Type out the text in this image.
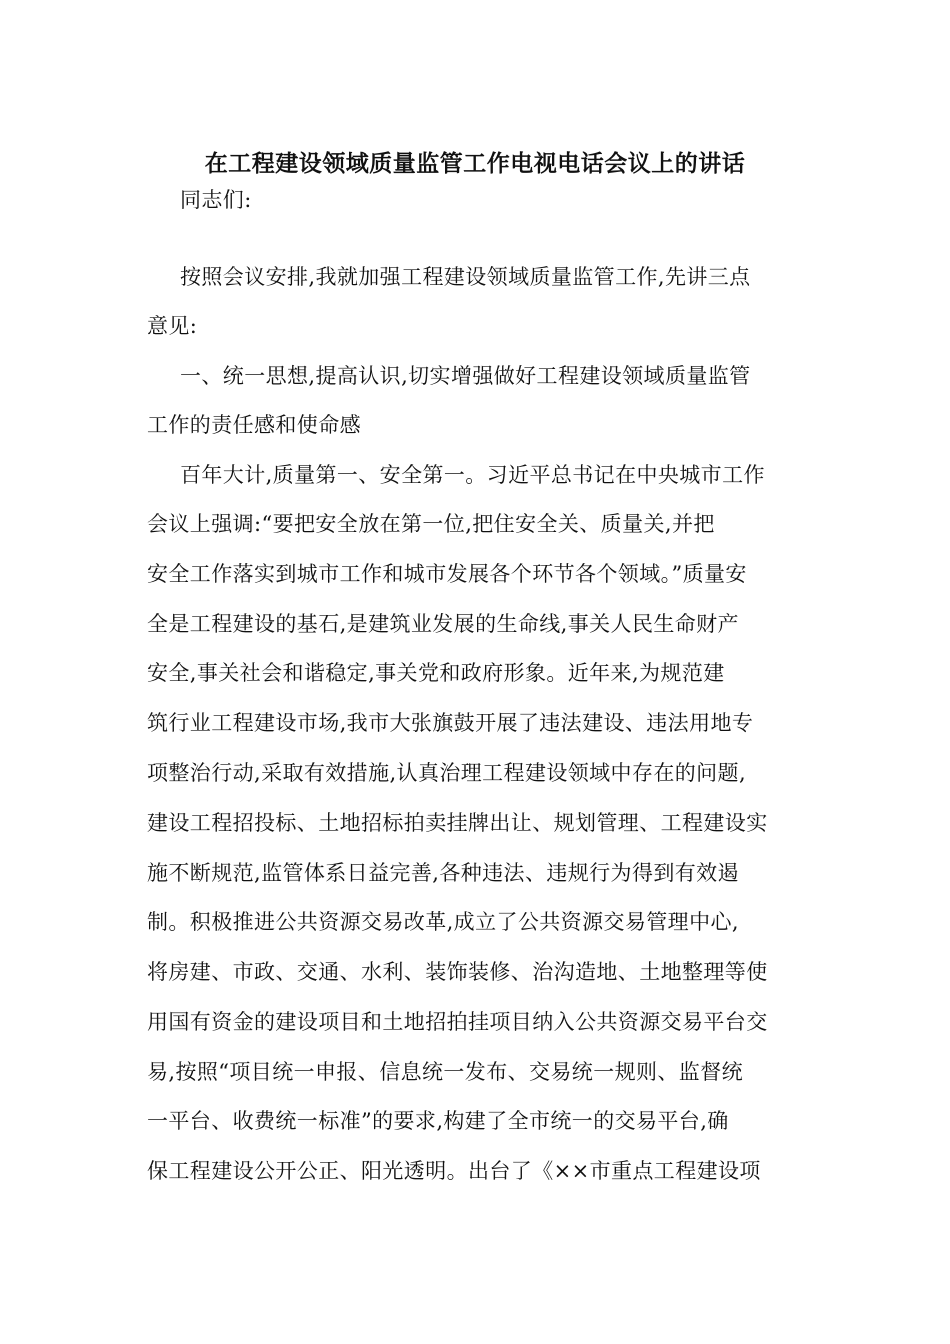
在工程建设领域质量监管工作电视电话会议上的讲话
同志们:
按照会议安排,我就加强工程建设领域质量监管工作,先讲三点
意见:
一、统一思想,提高认识,切实增强做好工程建设领域质量监管
工作的责任感和使命感
百年大计,质量第一、安全第一。习近平总书记在中央城市工作
会议上强调:“要把安全放在第一位,把住安全关、质量关,并把
安全工作落实到城市工作和城市发展各个环节各个领域。”质量安
全是工程建设的基石,是建筑业发展的生命线,事关人民生命财产
安全,事关社会和谐稳定,事关党和政府形象。近年来,为规范建
筑行业工程建设市场,我市大张旗鼓开展了违法建设、违法用地专
项整治行动,采取有效措施,认真治理工程建设领域中存在的问题,
建设工程招投标、土地招标拍卖挂牌出让、规划管理、工程建设实
施不断规范,监管体系日益完善,各种违法、违规行为得到有效遏
制。积极推进公共资源交易改革,成立了公共资源交易管理中心,
将房建、市政、交通、水利、装饰装修、治沟造地、土地整理等使
用国有资金的建设项目和土地招拍挂项目纳入公共资源交易平台交
易,按照“项目统一申报、信息统一发布、交易统一规则、监督统
一平台、收费统一标准”的要求,构建了全市统一的交易平台,确
保工程建设公开公正、阳光透明。出台了《××市重点工程建设项
